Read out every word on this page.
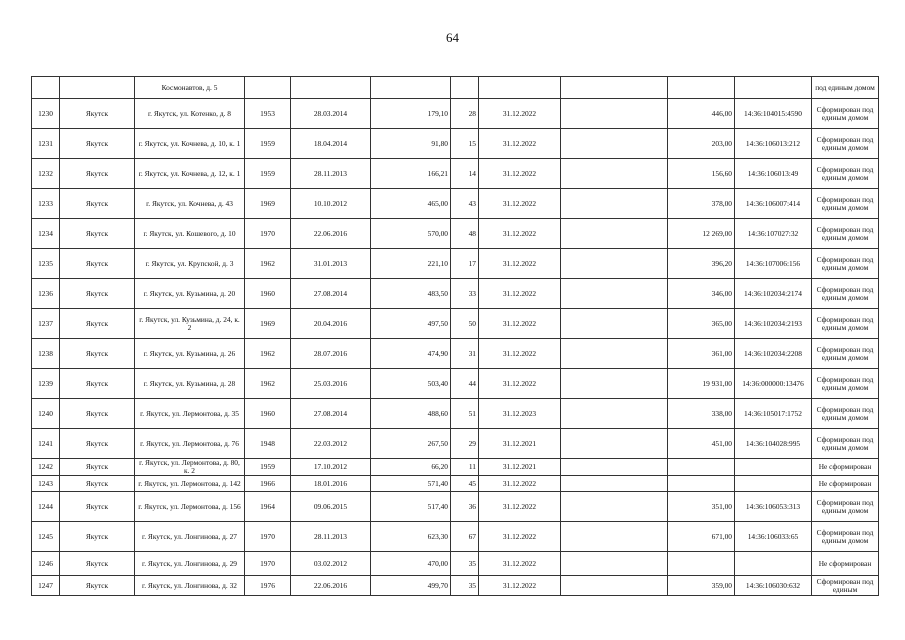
64
		Космонавтов, д. 5									под единым домом
1230	Якутск	г. Якутск, ул. Котенко, д. 8	1953	28.03.2014	179,10	28	31.12.2022		446,00	14:36:104015:4590	Сформирован под единым домом
1231	Якутск	г. Якутск, ул. Кочнева, д. 10, к. 1	1959	18.04.2014	91,80	15	31.12.2022		203,00	14:36:106013:212	Сформирован под единым домом
1232	Якутск	г. Якутск, ул. Кочнева, д. 12, к. 1	1959	28.11.2013	166,21	14	31.12.2022		156,60	14:36:106013:49	Сформирован под единым домом
1233	Якутск	г. Якутск, ул. Кочнева, д. 43	1969	10.10.2012	465,00	43	31.12.2022		378,00	14:36:106007:414	Сформирован под единым домом
1234	Якутск	г. Якутск, ул. Кошевого, д. 10	1970	22.06.2016	570,00	48	31.12.2022		12 269,00	14:36:107027:32	Сформирован под единым домом
1235	Якутск	г. Якутск, ул. Крупской, д. 3	1962	31.01.2013	221,10	17	31.12.2022		396,20	14:36:107006:156	Сформирован под единым домом
1236	Якутск	г. Якутск, ул. Кузьмина, д. 20	1960	27.08.2014	483,50	33	31.12.2022		346,00	14:36:102034:2174	Сформирован под единым домом
1237	Якутск	г. Якутск, ул. Кузьмина, д. 24, к. 2	1969	20.04.2016	497,50	50	31.12.2022		365,00	14:36:102034:2193	Сформирован под единым домом
1238	Якутск	г. Якутск, ул. Кузьмина, д. 26	1962	28.07.2016	474,90	31	31.12.2022		361,00	14:36:102034:2208	Сформирован под единым домом
1239	Якутск	г. Якутск, ул. Кузьмина, д. 28	1962	25.03.2016	503,40	44	31.12.2022		19 931,00	14:36:000000:13476	Сформирован под единым домом
1240	Якутск	г. Якутск, ул. Лермонтова, д. 35	1960	27.08.2014	488,60	51	31.12.2023		338,00	14:36:105017:1752	Сформирован под единым домом
1241	Якутск	г. Якутск, ул. Лермонтова, д. 76	1948	22.03.2012	267,50	29	31.12.2021		451,00	14:36:104028:995	Сформирован под единым домом
1242	Якутск	г. Якутск, ул. Лермонтова, д. 80, к. 2	1959	17.10.2012	66,20	11	31.12.2021				Не сформирован
1243	Якутск	г. Якутск, ул. Лермонтова, д. 142	1966	18.01.2016	571,40	45	31.12.2022				Не сформирован
1244	Якутск	г. Якутск, ул. Лермонтова, д. 156	1964	09.06.2015	517,40	36	31.12.2022		351,00	14:36:106053:313	Сформирован под единым домом
1245	Якутск	г. Якутск, ул. Лонгинова, д. 27	1970	28.11.2013	623,30	67	31.12.2022		671,00	14:36:106033:65	Сформирован под единым домом
1246	Якутск	г. Якутск, ул. Лонгинова, д. 29	1970	03.02.2012	470,00	35	31.12.2022				Не сформирован
1247	Якутск	г. Якутск, ул. Лонгинова, д. 32	1976	22.06.2016	499,70	35	31.12.2022		359,00	14:36:106030:632	Сформирован под единым
